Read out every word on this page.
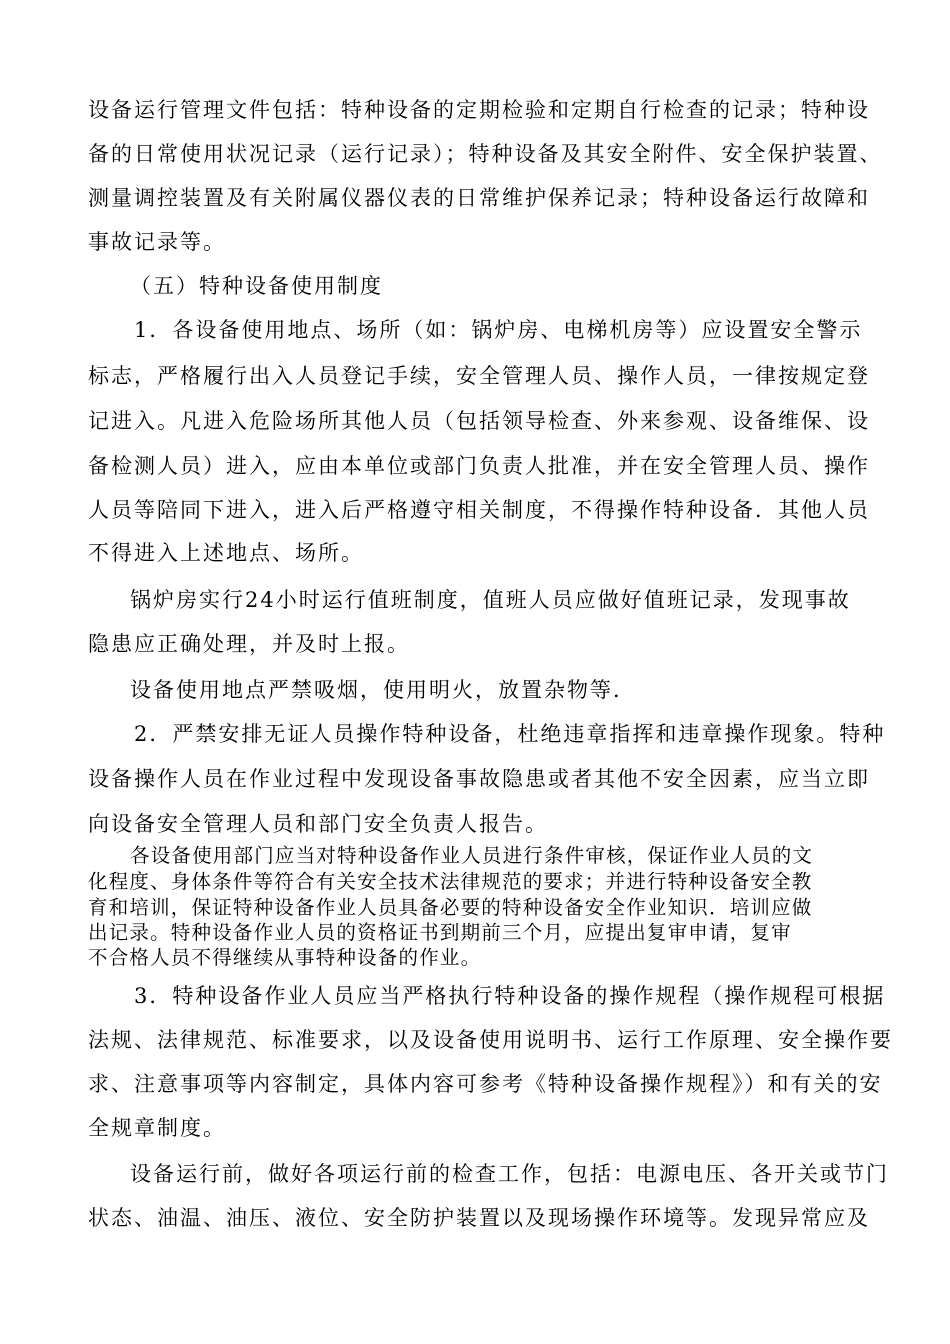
设备运行管理文件包括：特种设备的定期检验和定期自行检查的记录；特种设
备的日常使用状况记录（运行记录）；特种设备及其安全附件、安全保护装置、
测量调控装置及有关附属仪器仪表的日常维护保养记录；特种设备运行故障和
事故记录等。
（五）特种设备使用制度
1．各设备使用地点、场所（如：锅炉房、电梯机房等）应设置安全警示
标志，严格履行出入人员登记手续，安全管理人员、操作人员，一律按规定登
记进入。凡进入危险场所其他人员（包括领导检查、外来参观、设备维保、设
备检测人员）进入，应由本单位或部门负责人批准，并在安全管理人员、操作
人员等陪同下进入，进入后严格遵守相关制度，不得操作特种设备．其他人员
不得进入上述地点、场所。
锅炉房实行24小时运行值班制度，值班人员应做好值班记录，发现事故
隐患应正确处理，并及时上报。
设备使用地点严禁吸烟，使用明火，放置杂物等．
2．严禁安排无证人员操作特种设备，杜绝违章指挥和违章操作现象。特种
设备操作人员在作业过程中发现设备事故隐患或者其他不安全因素，应当立即
向设备安全管理人员和部门安全负责人报告。
各设备使用部门应当对特种设备作业人员进行条件审核，保证作业人员的文
化程度、身体条件等符合有关安全技术法律规范的要求；并进行特种设备安全教
育和培训，保证特种设备作业人员具备必要的特种设备安全作业知识．培训应做
出记录。特种设备作业人员的资格证书到期前三个月，应提出复审申请，复审
不合格人员不得继续从事特种设备的作业。
3．特种设备作业人员应当严格执行特种设备的操作规程（操作规程可根据
法规、法律规范、标准要求，以及设备使用说明书、运行工作原理、安全操作要
求、注意事项等内容制定，具体内容可参考《特种设备操作规程》）和有关的安
全规章制度。
设备运行前，做好各项运行前的检查工作，包括：电源电压、各开关或节门
状态、油温、油压、液位、安全防护装置以及现场操作环境等。发现异常应及
